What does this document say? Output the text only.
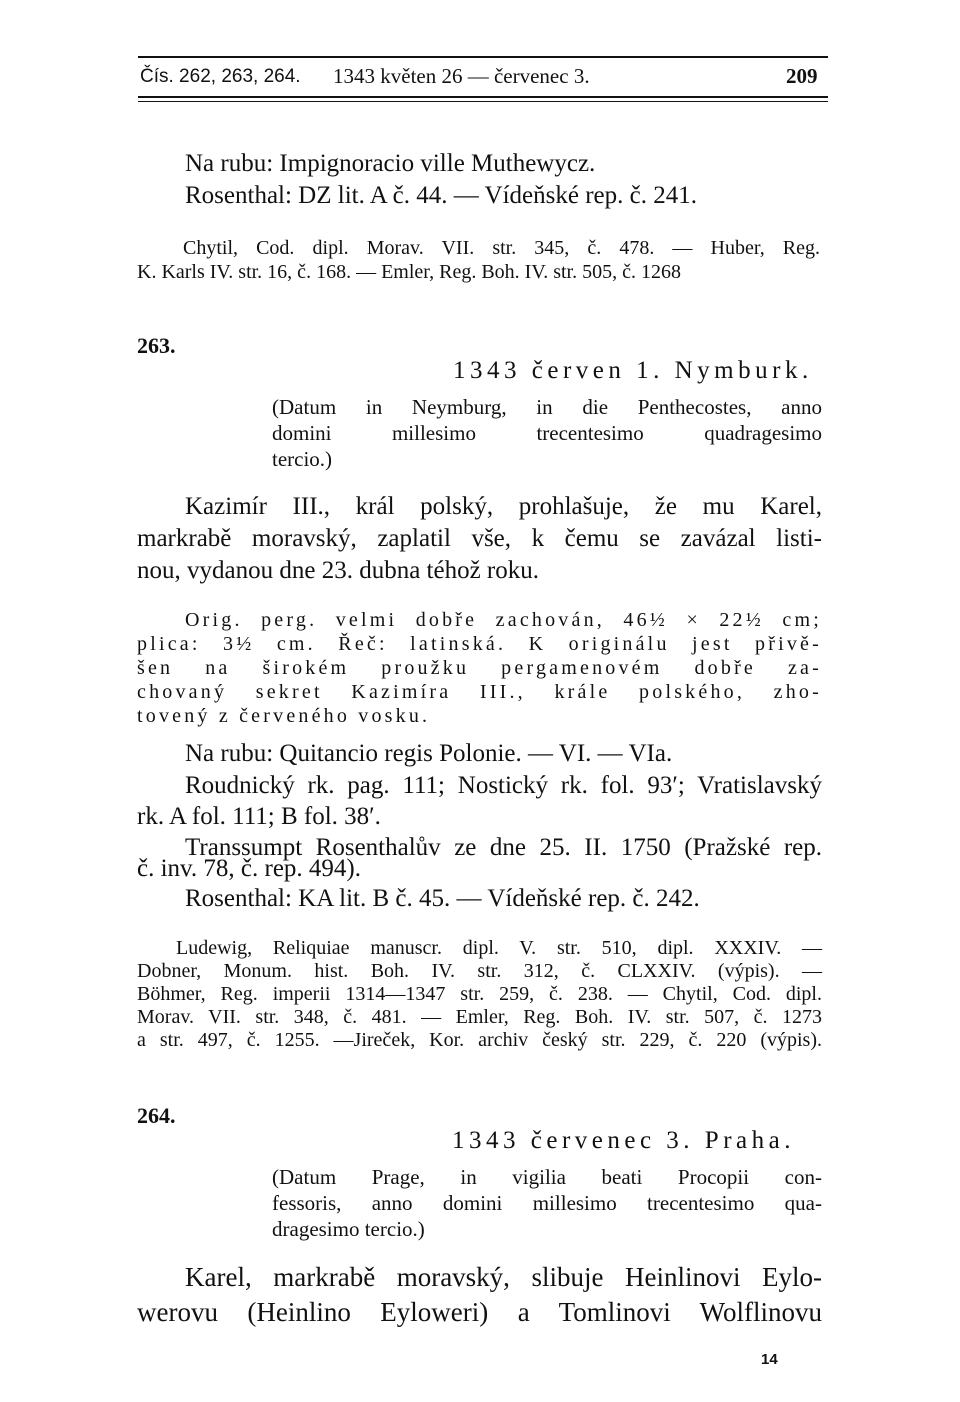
Čís. 262, 263, 264. 1343 květen 26 — červenec 3.	209
Na rubu: Impignoracio ville Muthewycz.
Rosenthal: DZ lit. A č. 44. — Vídeňské rep. č. 241.
Chytil, Cod. dipl. Morav. VII. str. 345, č. 478. — Huber, Reg.
K. Karls IV. str. 16, č. 168. — Emler, Reg. Boh. IV. str. 505, č. 1268
263.
1343 červen 1. Nymburk.
(Datum in Neymburg, in die Penthecostes, anno
domini millesimo trecentesimo quadragesimo
tercio.)
Kazimír III., král polský, prohlašuje, že mu Karel,
markrabě moravský, zaplatil vše, k čemu se zavázal listi-
nou, vydanou dne 23. dubna téhož roku.
Orig. perg. velmi dobře zachován, 46½ × 22½ cm;
plica: 3½ cm. Řeč: latinská. K originálu jest přivě-
šen na širokém proužku pergamenovém dobře za-
chovaný sekret Kazimíra III., krále polského, zho-
tovený z červeného vosku.
Na rubu: Quitancio regis Polonie. — VI. — VIa.
Roudnický rk. pag. 111; Nostický rk. fol. 93′; Vratislavský
rk. A fol. 111; B fol. 38′.
Transsumpt Rosenthalův ze dne 25. II. 1750 (Pražské rep.
č. inv. 78, č. rep. 494).
Rosenthal: KA lit. B č. 45. — Vídeňské rep. č. 242.
Ludewig, Reliquiae manuscr. dipl. V. str. 510, dipl. XXXIV. —
Dobner, Monum. hist. Boh. IV. str. 312, č. CLXXIV. (výpis). —
Böhmer, Reg. imperii 1314—1347 str. 259, č. 238. — Chytil, Cod. dipl.
Morav. VII. str. 348, č. 481. — Emler, Reg. Boh. IV. str. 507, č. 1273
a str. 497, č. 1255. —Jireček, Kor. archiv český str. 229, č. 220 (výpis).
264.
1343 červenec 3. Praha.
(Datum Prage, in vigilia beati Procopii con-
fessoris, anno domini millesimo trecentesimo qua-
dragesimo tercio.)
Karel, markrabě moravský, slibuje Heinlinovi Eylo-
werovu (Heinlino Eyloweri) a Tomlinovi Wolflinovu
14
